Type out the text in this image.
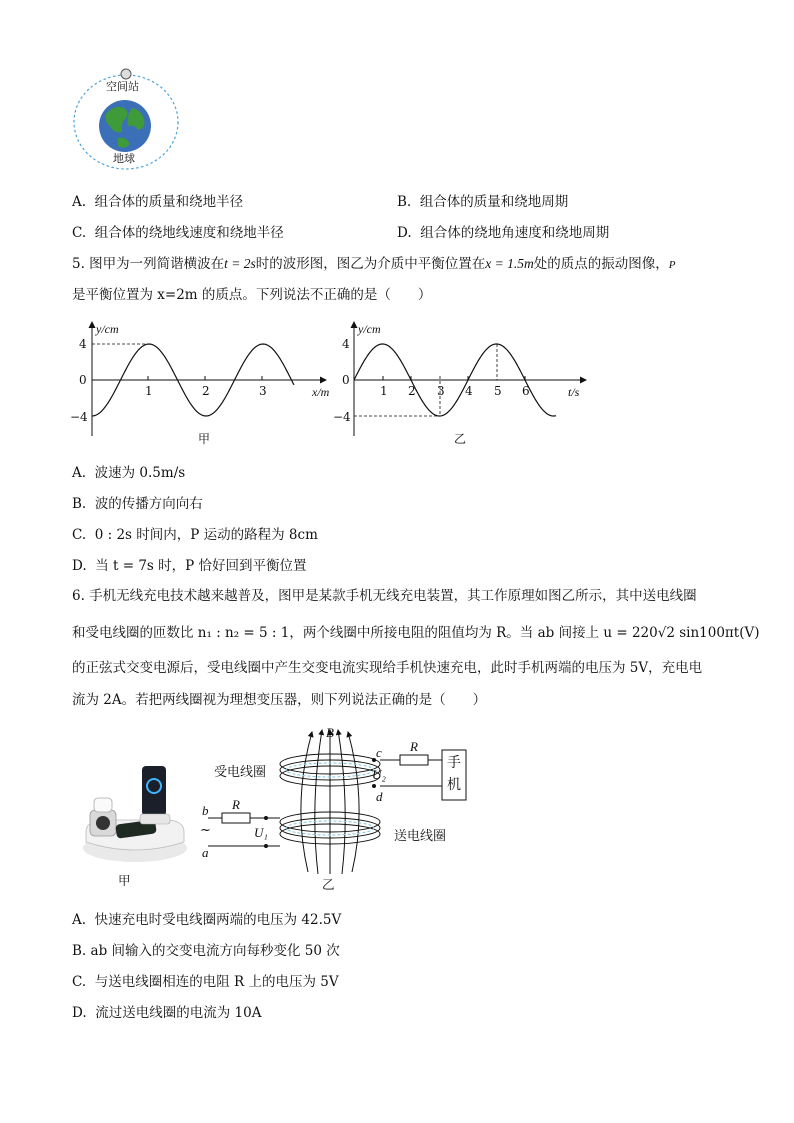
空间站
地球
A. 组合体的质量和绕地半径	B. 组合体的质量和绕地周期
C. 组合体的绕地线速度和绕地半径	D. 组合体的绕地角速度和绕地周期
5. 图甲为一列简谐横波在t = 2s时的波形图，图乙为介质中平衡位置在x = 1.5m处的质点的振动图像，P
是平衡位置为 x=2m 的质点。下列说法不正确的是（　　）
y/cm
4
0
−4
1	2	3	x/m
甲
y/cm
4
0
−4
1 2 3 4 5 6	t/s
乙
A. 波速为 0.5m/s
B. 波的传播方向向右
C. 0 : 2s 时间内，P 运动的路程为 8cm
D. 当 t = 7s 时，P 恰好回到平衡位置
6. 手机无线充电技术越来越普及，图甲是某款手机无线充电装置，其工作原理如图乙所示，其中送电线圈
和受电线圈的匝数比 n₁ : n₂ = 5 : 1，两个线圈中所接电阻的阻值均为 R。当 ab 间接上 u = 220√2 sin100πt(V)
的正弦式交变电源后，受电线圈中产生交变电流实现给手机快速充电，此时手机两端的电压为 5V，充电电
流为 2A。若把两线圈视为理想变压器，则下列说法正确的是（　　）
甲
受电线圈
送电线圈
B
c
d
R
U₂
手
机
b
~
a
R
U₁
乙
A. 快速充电时受电线圈两端的电压为 42.5V
B. ab 间输入的交变电流方向每秒变化 50 次
C. 与送电线圈相连的电阻 R 上的电压为 5V
D. 流过送电线圈的电流为 10A
